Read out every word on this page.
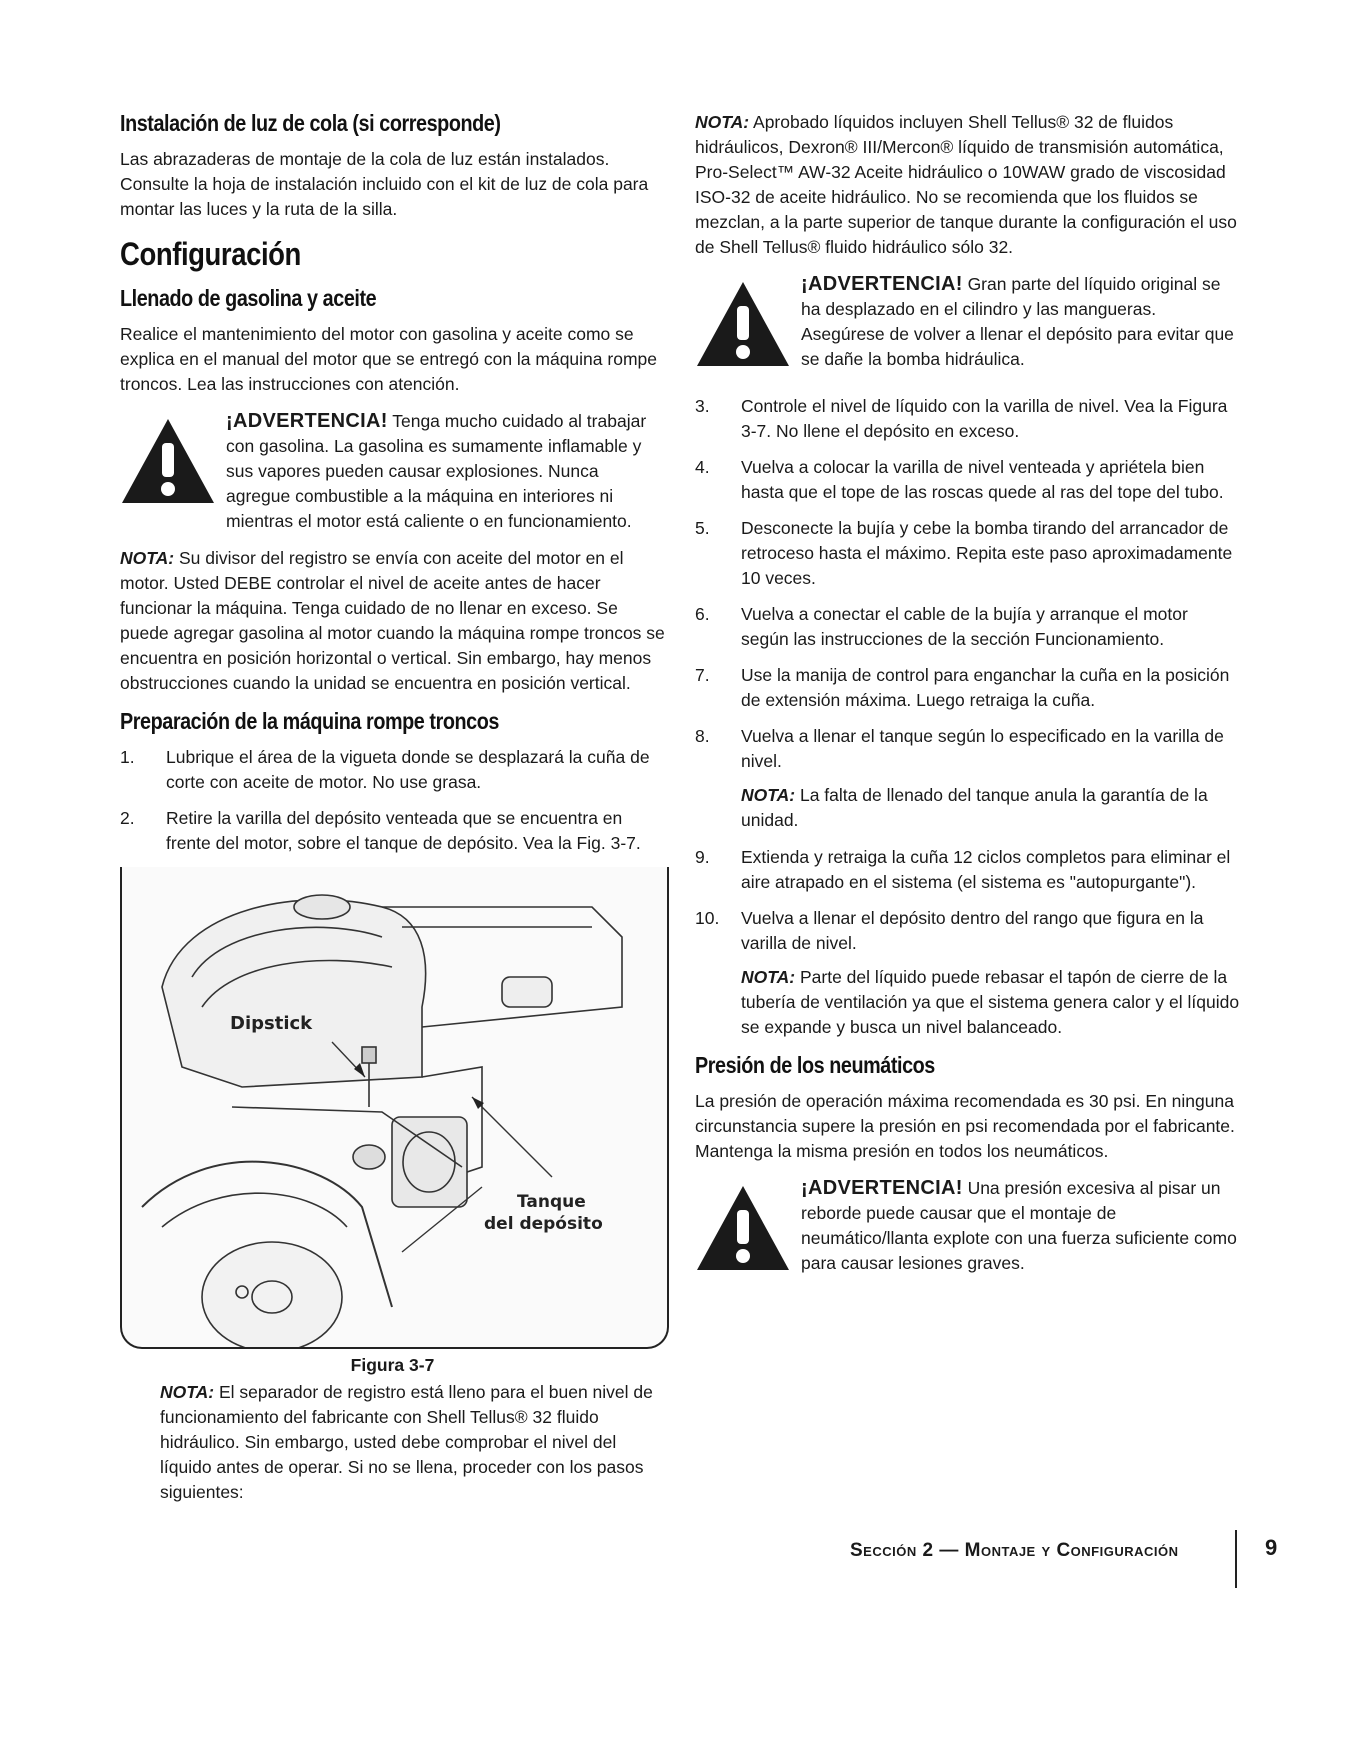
Instalación de luz de cola (si corresponde)

Las abrazaderas de montaje de la cola de luz están instalados. Consulte la hoja de instalación incluido con el kit de luz de cola para montar las luces y la ruta de la silla.

Configuración
Llenado de gasolina y aceite

Realice el mantenimiento del motor con gasolina y aceite como se explica en el manual del motor que se entregó con la máquina rompe troncos. Lea las instrucciones con atención.

¡ADVERTENCIA! Tenga mucho cuidado al trabajar con gasolina. La gasolina es sumamente inflamable y sus vapores pueden causar explosiones. Nunca agregue combustible a la máquina en interiores ni mientras el motor está caliente o en funcionamiento.

NOTA: Su divisor del registro se envía con aceite del motor en el motor. Usted DEBE controlar el nivel de aceite antes de hacer funcionar la máquina. Tenga cuidado de no llenar en exceso. Se puede agregar gasolina al motor cuando la máquina rompe troncos se encuentra en posición horizontal o vertical. Sin embargo, hay menos obstrucciones cuando la unidad se encuentra en posición vertical.

Preparación de la máquina rompe troncos
1. Lubrique el área de la vigueta donde se desplazará la cuña de corte con aceite de motor. No use grasa.
2. Retire la varilla del depósito venteada que se encuentra en frente del motor, sobre el tanque de depósito. Vea la Fig. 3-7.
Dipstick
Tanque
del depósito
Figura 3-7

NOTA: El separador de registro está lleno para el buen nivel de funcionamiento del fabricante con Shell Tellus® 32 fluido hidráulico. Sin embargo, usted debe comprobar el nivel del líquido antes de operar. Si no se llena, proceder con los pasos siguientes:

NOTA: Aprobado líquidos incluyen Shell Tellus® 32 de fluidos hidráulicos, Dexron® III/Mercon® líquido de transmisión automática, Pro-Select™ AW-32 Aceite hidráulico o 10WAW grado de viscosidad ISO-32 de aceite hidráulico. No se recomienda que los fluidos se mezclan, a la parte superior de tanque durante la configuración el uso de Shell Tellus® fluido hidráulico sólo 32.

¡ADVERTENCIA! Gran parte del líquido original se ha desplazado en el cilindro y las mangueras. Asegúrese de volver a llenar el depósito para evitar que se dañe la bomba hidráulica.

3. Controle el nivel de líquido con la varilla de nivel. Vea la Figura 3-7. No llene el depósito en exceso.
4. Vuelva a colocar la varilla de nivel venteada y apriételа bien hasta que el tope de las roscas quede al ras del tope del tubo.
5. Desconecte la bujía y cebe la bomba tirando del arrancador de retroceso hasta el máximo. Repita este paso aproximadamente 10 veces.
6. Vuelva a conectar el cable de la bujía y arranque el motor según las instrucciones de la sección Funcionamiento.
7. Use la manija de control para enganchar la cuña en la posición de extensión máxima. Luego retraiga la cuña.
8. Vuelva a llenar el tanque según lo especificado en la varilla de nivel.

NOTA: La falta de llenado del tanque anula la garantía de la unidad.

9. Extienda y retraiga la cuña 12 ciclos completos para eliminar el aire atrapado en el sistema (el sistema es "autopurgante").
10. Vuelva a llenar el depósito dentro del rango que figura en la varilla de nivel.

NOTA: Parte del líquido puede rebasar el tapón de cierre de la tubería de ventilación ya que el sistema genera calor y el líquido se expande y busca un nivel balanceado.

Presión de los neumáticos

La presión de operación máxima recomendada es 30 psi. En ninguna circunstancia supere la presión en psi recomendada por el fabricante. Mantenga la misma presión en todos los neumáticos.

¡ADVERTENCIA! Una presión excesiva al pisar un reborde puede causar que el montaje de neumático/llanta explote con una fuerza suficiente como para causar lesiones graves.

Sección 2 — Montaje y Configuración	9
